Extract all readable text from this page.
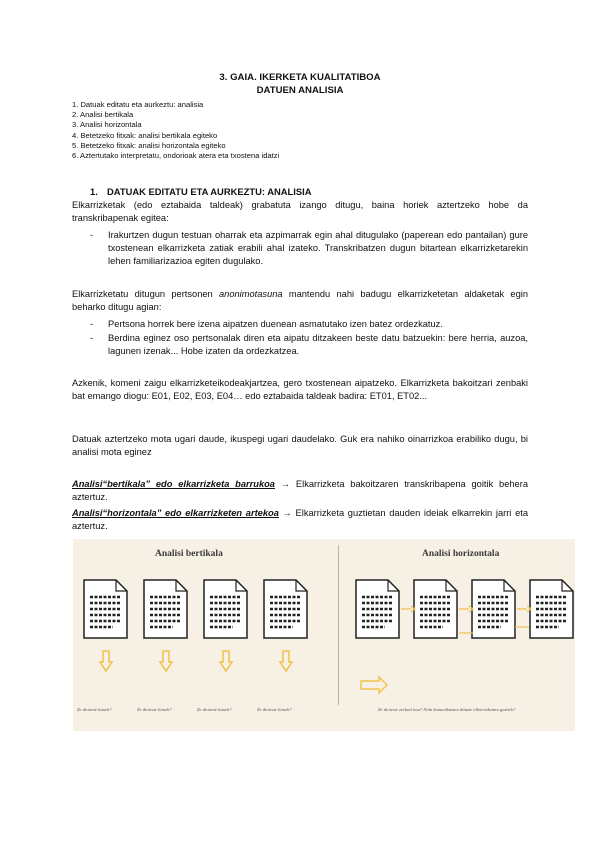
3. GAIA. IKERKETA KUALITATIBOA
DATUEN ANALISIA
1. Datuak editatu eta aurkeztu: analisia
2. Analisi bertikala
3. Analisi horizontala
4. Betetzeko fitxak: analisi bertikala egiteko
5. Betetzeko fitxak: analisi horizontala egiteko
6. Aztertutako interpretatu, ondorioak atera eta txostena idatzi
1. DATUAK EDITATU ETA AURKEZTU: ANALISIA
Elkarrizketak (edo eztabaida taldeak) grabatuta izango ditugu, baina horiek aztertzeko hobe da transkribapenak egitea:
- Irakurtzen dugun testuan oharrak eta azpimarrak egin ahal ditugulako (paperean edo pantailan) gure txostenean elkarrizketa zatiak erabili ahal izateko. Transkribatzen dugun bitartean elkarrizketarekin lehen familiarizazioa egiten dugulako.
Elkarrizketatu ditugun pertsonen anonimotasuna mantendu nahi badugu elkarrizketetan aldaketak egin beharko ditugu agian:
- Pertsona horrek bere izena aipatzen duenean asmatutako izen batez ordezkatuz.
- Berdina eginez oso pertsonalak diren eta aipatu ditzakeen beste datu batzuekin: bere herria, auzoa, lagunen izenak... Hobe izaten da ordezkatzea.
Azkenik, komeni zaigu elkarrizketeikodeakjartzea, gero txostenean aipatzeko. Elkarrizketa bakoitzari zenbaki bat emango diogu: E01, E02, E03, E04… edo eztabaida taldeak badira: ET01, ET02...
Datuak aztertzeko mota ugari daude, ikuspegi ugari daudelako. Guk era nahiko oinarrizkoa erabiliko dugu, bi analisi mota eginez
Analisi“bertikala” edo elkarrizketa barrukoa → Elkarrizketa bakoitzaren transkribapena goitik behera aztertuz.
Analisi“horizontala” edo elkarrizketen artekoa → Elkarrizketa guztietan dauden ideiak elkarrekin jarri eta aztertuz.
Analisi bertikala	Analisi horizontala
Ze dioteste hanek?	Ze dioteste hanek?	Ze dioteste hanek?	Ze dioteste hanek?	Ze dioteste zerbait hau? Nola komunikatzen dituzte elkarrizketatu guztiek?
